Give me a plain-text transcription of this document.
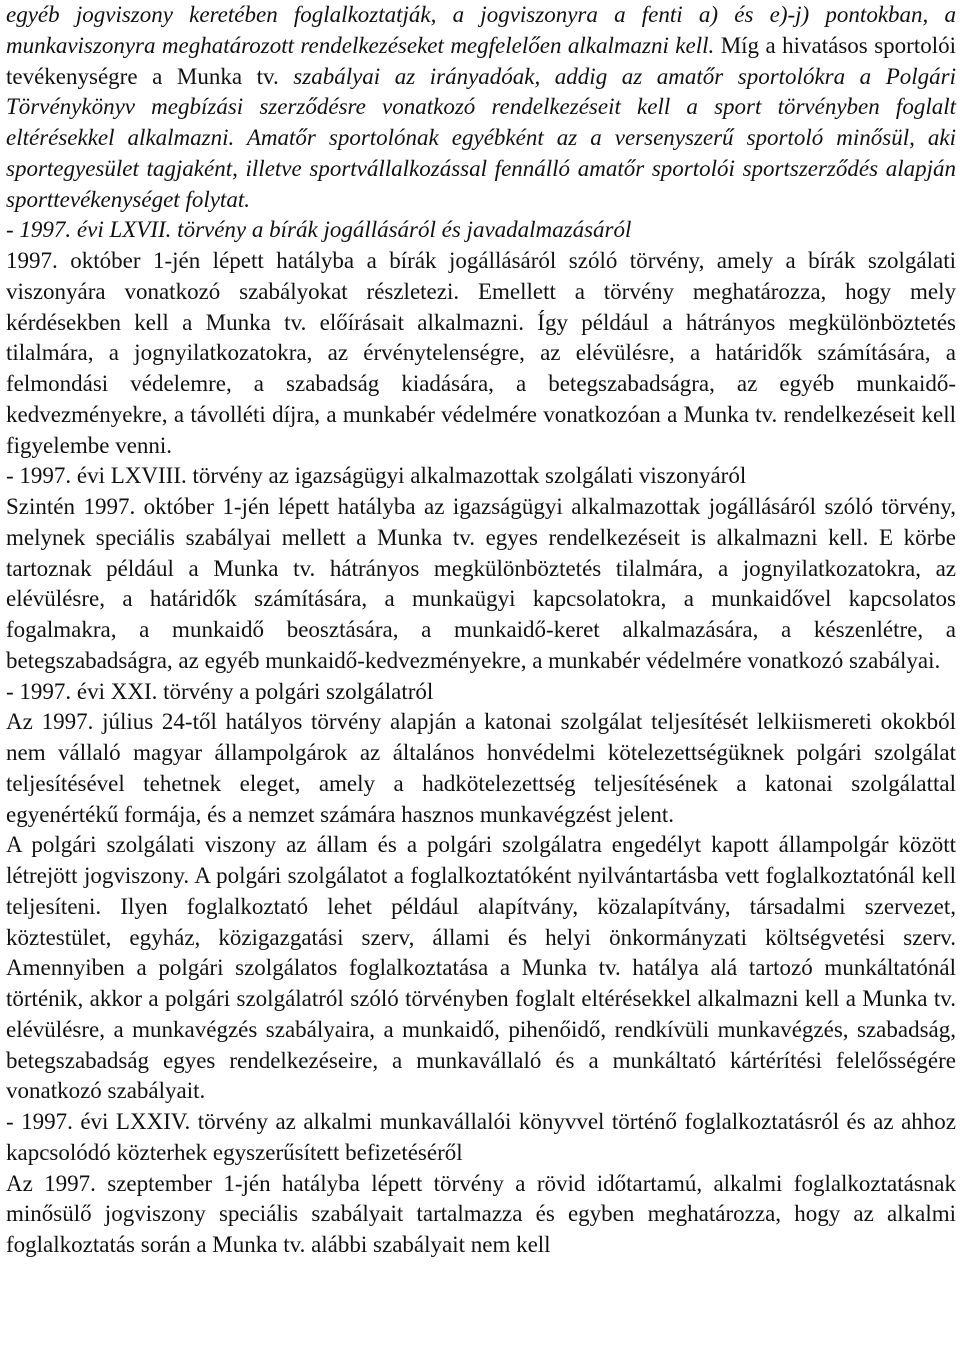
egyéb jogviszony keretében foglalkoztatják, a jogviszonyra a fenti a) és e)-j) pontokban, a munkaviszonyra meghatározott rendelkezéseket megfelelően alkalmazni kell. Míg a hivatásos sportolói tevékenységre a Munka tv. szabályai az irányadóak, addig az amatőr sportolókra a Polgári Törvénykönyv megbízási szerződésre vonatkozó rendelkezéseit kell a sport törvényben foglalt eltérésekkel alkalmazni. Amatőr sportolónak egyébként az a versenyszerű sportoló minősül, aki sportegyesület tagjaként, illetve sportvállalkozással fennálló amatőr sportolói sportszerződés alapján sporttevékenységet folytat.

- 1997. évi LXVII. törvény a bírák jogállásáról és javadalmazásáról

1997. október 1-jén lépett hatályba a bírák jogállásáról szóló törvény, amely a bírák szolgálati viszonyára vonatkozó szabályokat részletezi. Emellett a törvény meghatározza, hogy mely kérdésekben kell a Munka tv. előírásait alkalmazni. Így például a hátrányos megkülönböztetés tilalmára, a jognyilatkozatokra, az érvénytelenségre, az elévülésre, a határidők számítására, a felmondási védelemre, a szabadság kiadására, a betegszabadságra, az egyéb munkaidő-kedvezményekre, a távolléti díjra, a munkabér védelmére vonatkozóan a Munka tv. rendelkezéseit kell figyelembe venni.

- 1997. évi LXVIII. törvény az igazságügyi alkalmazottak szolgálati viszonyáról

Szintén 1997. október 1-jén lépett hatályba az igazságügyi alkalmazottak jogállásáról szóló törvény, melynek speciális szabályai mellett a Munka tv. egyes rendelkezéseit is alkalmazni kell. E körbe tartoznak például a Munka tv. hátrányos megkülönböztetés tilalmára, a jognyilatkozatokra, az elévülésre, a határidők számítására, a munkaügyi kapcsolatokra, a munkaidővel kapcsolatos fogalmakra, a munkaidő beosztására, a munkaidő-keret alkalmazására, a készenlétre, a betegszabadságra, az egyéb munkaidő-kedvezményekre, a munkabér védelmére vonatkozó szabályai.

- 1997. évi XXI. törvény a polgári szolgálatról

Az 1997. július 24-től hatályos törvény alapján a katonai szolgálat teljesítését lelkiismereti okokból nem vállaló magyar állampolgárok az általános honvédelmi kötelezettségüknek polgári szolgálat teljesítésével tehetnek eleget, amely a hadkötelezettség teljesítésének a katonai szolgálattal egyenértékű formája, és a nemzet számára hasznos munkavégzést jelent.

A polgári szolgálati viszony az állam és a polgári szolgálatra engedélyt kapott állampolgár között létrejött jogviszony. A polgári szolgálatot a foglalkoztatóként nyilvántartásba vett foglalkoztatónál kell teljesíteni. Ilyen foglalkoztató lehet például alapítvány, közalapítvány, társadalmi szervezet, köztestület, egyház, közigazgatási szerv, állami és helyi önkormányzati költségvetési szerv. Amennyiben a polgári szolgálatos foglalkoztatása a Munka tv. hatálya alá tartozó munkáltatónál történik, akkor a polgári szolgálatról szóló törvényben foglalt eltérésekkel alkalmazni kell a Munka tv. elévülésre, a munkavégzés szabályaira, a munkaidő, pihenőidő, rendkívüli munkavégzés, szabadság, betegszabadság egyes rendelkezéseire, a munkavállaló és a munkáltató kártérítési felelősségére vonatkozó szabályait.

- 1997. évi LXXIV. törvény az alkalmi munkavállalói könyvvel történő foglalkoztatásról és az ahhoz kapcsolódó közterhek egyszerűsített befizetéséről

Az 1997. szeptember 1-jén hatályba lépett törvény a rövid időtartamú, alkalmi foglalkoztatásnak minősülő jogviszony speciális szabályait tartalmazza és egyben meghatározza, hogy az alkalmi foglalkoztatás során a Munka tv. alábbi szabályait nem kell
